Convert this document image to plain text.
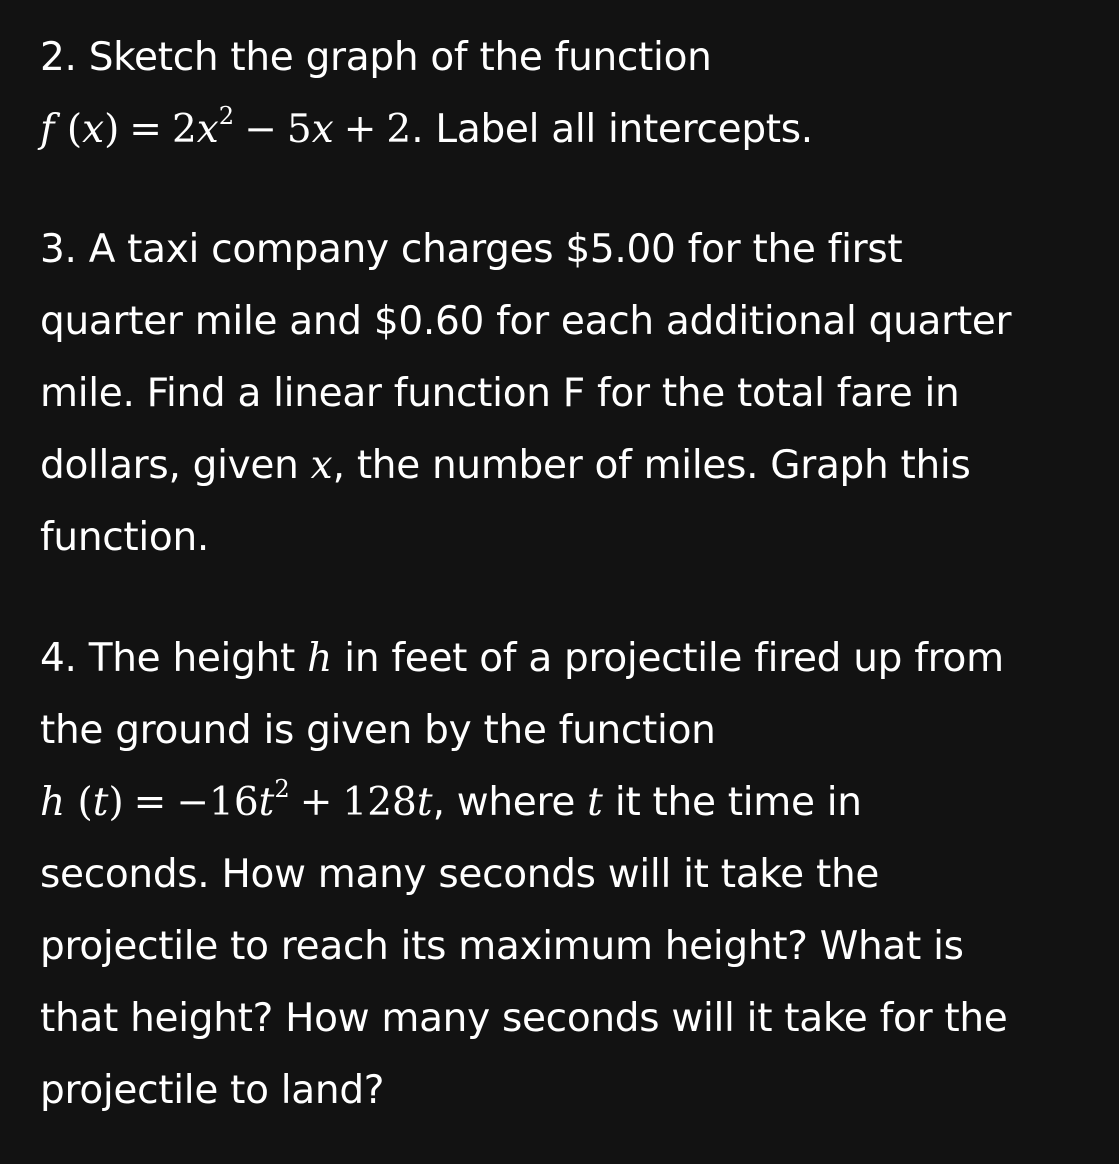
2. Sketch the graph of the function
f $(x) = 2x^2 - 5x + 2$. Label all intercepts.
3. A taxi company charges $5.00 for the first
quarter mile and $0.60 for each additional quarter
mile. Find a linear function F for the total fare in
dollars, given x, the number of miles. Graph this
function.
4. The height h in feet of a projectile fired up from
the ground is given by the function
h $(t) = -16t^2 + 128t$, where t it the time in
seconds. How many seconds will it take the
projectile to reach its maximum height? What is
that height? How many seconds will it take for the
projectile to land?
